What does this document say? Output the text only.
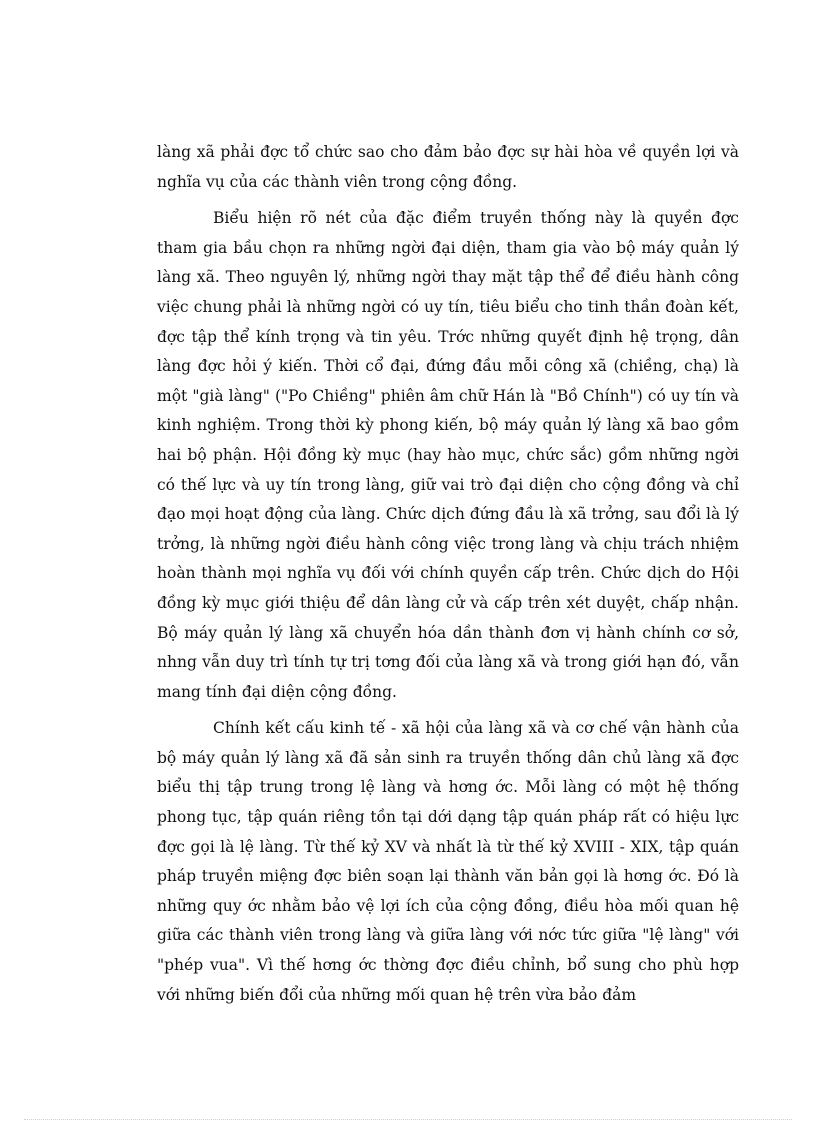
làng xã phải đợc tổ chức sao cho đảm bảo đợc sự hài hòa về quyền lợi và nghĩa vụ của các thành viên trong cộng đồng.

Biểu hiện rõ nét của đặc điểm truyền thống này là quyền đợc tham gia bầu chọn ra những ngời đại diện, tham gia vào bộ máy quản lý làng xã. Theo nguyên lý, những ngời thay mặt tập thể để điều hành công việc chung phải là những ngời có uy tín, tiêu biểu cho tinh thần đoàn kết, đợc tập thể kính trọng và tin yêu. Trớc những quyết định hệ trọng, dân làng đợc hỏi ý kiến. Thời cổ đại, đứng đầu mỗi công xã (chiềng, chạ) là một "già làng" ("Po Chiềng" phiên âm chữ Hán là "Bồ Chính") có uy tín và kinh nghiệm. Trong thời kỳ phong kiến, bộ máy quản lý làng xã bao gồm hai bộ phận. Hội đồng kỳ mục (hay hào mục, chức sắc) gồm những ngời có thế lực và uy tín trong làng, giữ vai trò đại diện cho cộng đồng và chỉ đạo mọi hoạt động của làng. Chức dịch đứng đầu là xã trởng, sau đổi là lý trởng, là những ngời điều hành công việc trong làng và chịu trách nhiệm hoàn thành mọi nghĩa vụ đối với chính quyền cấp trên. Chức dịch do Hội đồng kỳ mục giới thiệu để dân làng cử và cấp trên xét duyệt, chấp nhận. Bộ máy quản lý làng xã chuyển hóa dần thành đơn vị hành chính cơ sở, nhng vẫn duy trì tính tự trị tơng đối của làng xã và trong giới hạn đó, vẫn mang tính đại diện cộng đồng.

Chính kết cấu kinh tế - xã hội của làng xã và cơ chế vận hành của bộ máy quản lý làng xã đã sản sinh ra truyền thống dân chủ làng xã đợc biểu thị tập trung trong lệ làng và hơng ớc. Mỗi làng có một hệ thống phong tục, tập quán riêng tồn tại dới dạng tập quán pháp rất có hiệu lực đợc gọi là lệ làng. Từ thế kỷ XV và nhất là từ thế kỷ XVIII - XIX, tập quán pháp truyền miệng đợc biên soạn lại thành văn bản gọi là hơng ớc. Đó là những quy ớc nhằm bảo vệ lợi ích của cộng đồng, điều hòa mối quan hệ giữa các thành viên trong làng và giữa làng với nớc tức giữa "lệ làng" với "phép vua". Vì thế hơng ớc thờng đợc điều chỉnh, bổ sung cho phù hợp với những biến đổi của những mối quan hệ trên vừa bảo đảm
